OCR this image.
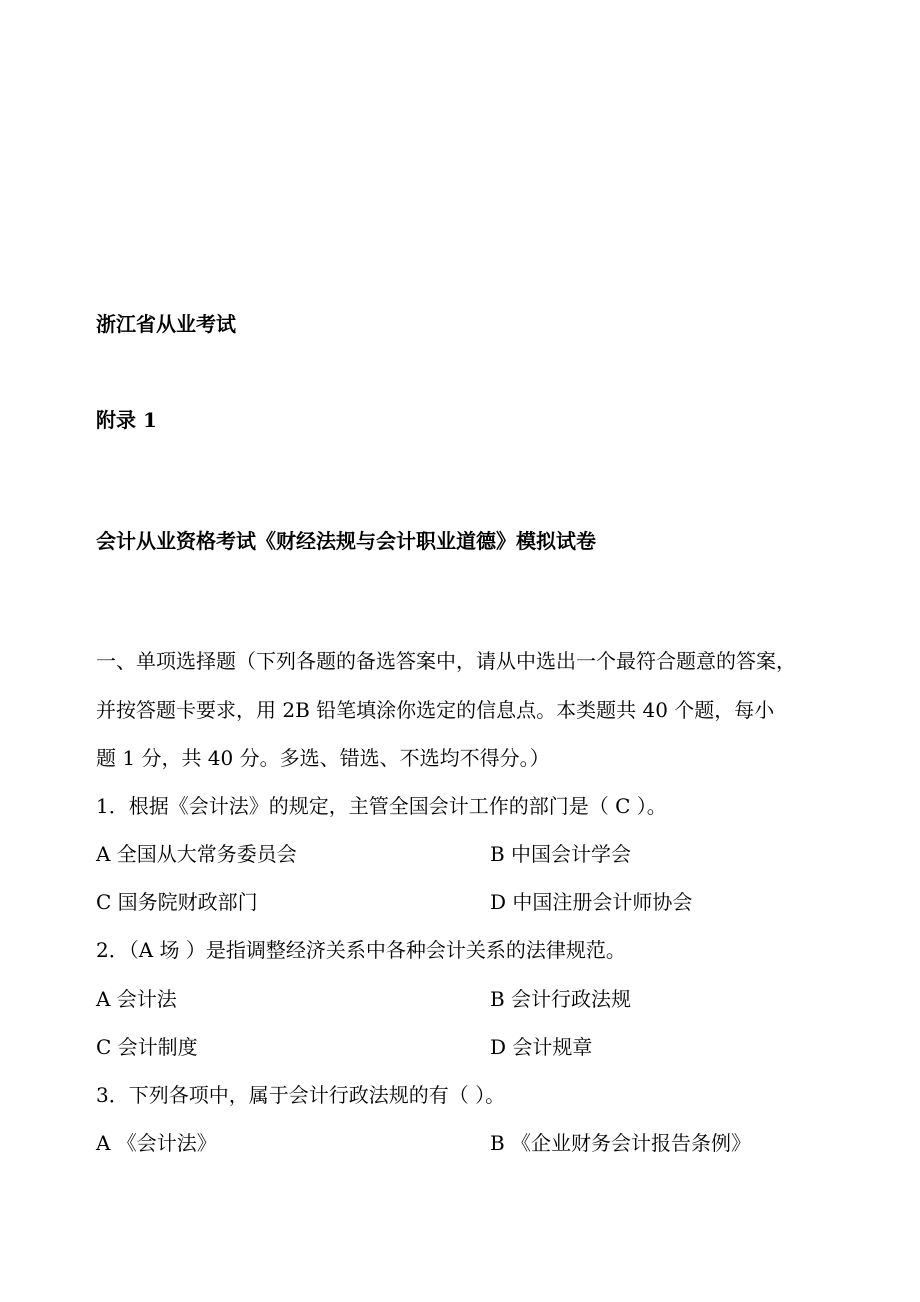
浙江省从业考试
附录 1
会计从业资格考试《财经法规与会计职业道德》模拟试卷
一、单项选择题（下列各题的备选答案中，请从中选出一个最符合题意的答案，
并按答题卡要求，用 2B 铅笔填涂你选定的信息点。本类题共 40 个题，每小
题 1 分，共 40 分。多选、错选、不选均不得分。）
1．根据《会计法》的规定，主管全国会计工作的部门是（ C ）。
A 全国从大常务委员会	B 中国会计学会
C 国务院财政部门	D 中国注册会计师协会
2．（A 场 ）是指调整经济关系中各种会计关系的法律规范。
A 会计法	B 会计行政法规
C 会计制度	D 会计规章
3．下列各项中，属于会计行政法规的有（ ）。
A 《会计法》	B 《企业财务会计报告条例》
